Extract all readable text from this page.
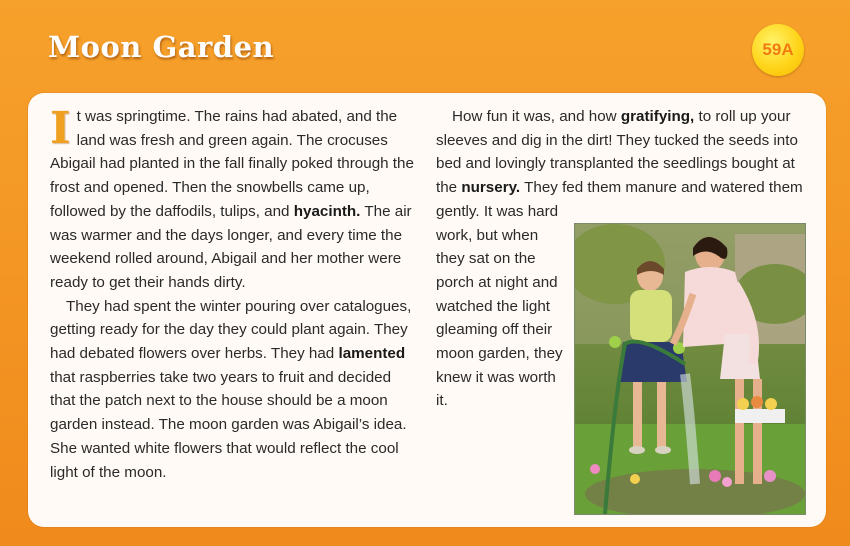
Moon Garden	59A

It was springtime. The rains had abated, and the land was fresh and green again. The crocuses Abigail had planted in the fall finally poked through the frost and opened. Then the snowbells came up, followed by the daffodils, tulips, and hyacinth. The air was warmer and the days longer, and every time the weekend rolled around, Abigail and her mother were ready to get their hands dirty.

They had spent the winter pouring over catalogues, getting ready for the day they could plant again. They had debated flowers over herbs. They had lamented that raspberries take two years to fruit and decided that the patch next to the house should be a moon garden instead. The moon garden was Abigail’s idea. She wanted white flowers that would reflect the cool light of the moon.

How fun it was, and how gratifying, to roll up your sleeves and dig in the dirt! They tucked the seeds into bed and lovingly transplanted the seedlings bought at the nursery. They fed them manure and watered them

gently. It was hard work, but when they sat on the porch at night and watched the light gleaming off their moon garden, they knew it was worth it.
